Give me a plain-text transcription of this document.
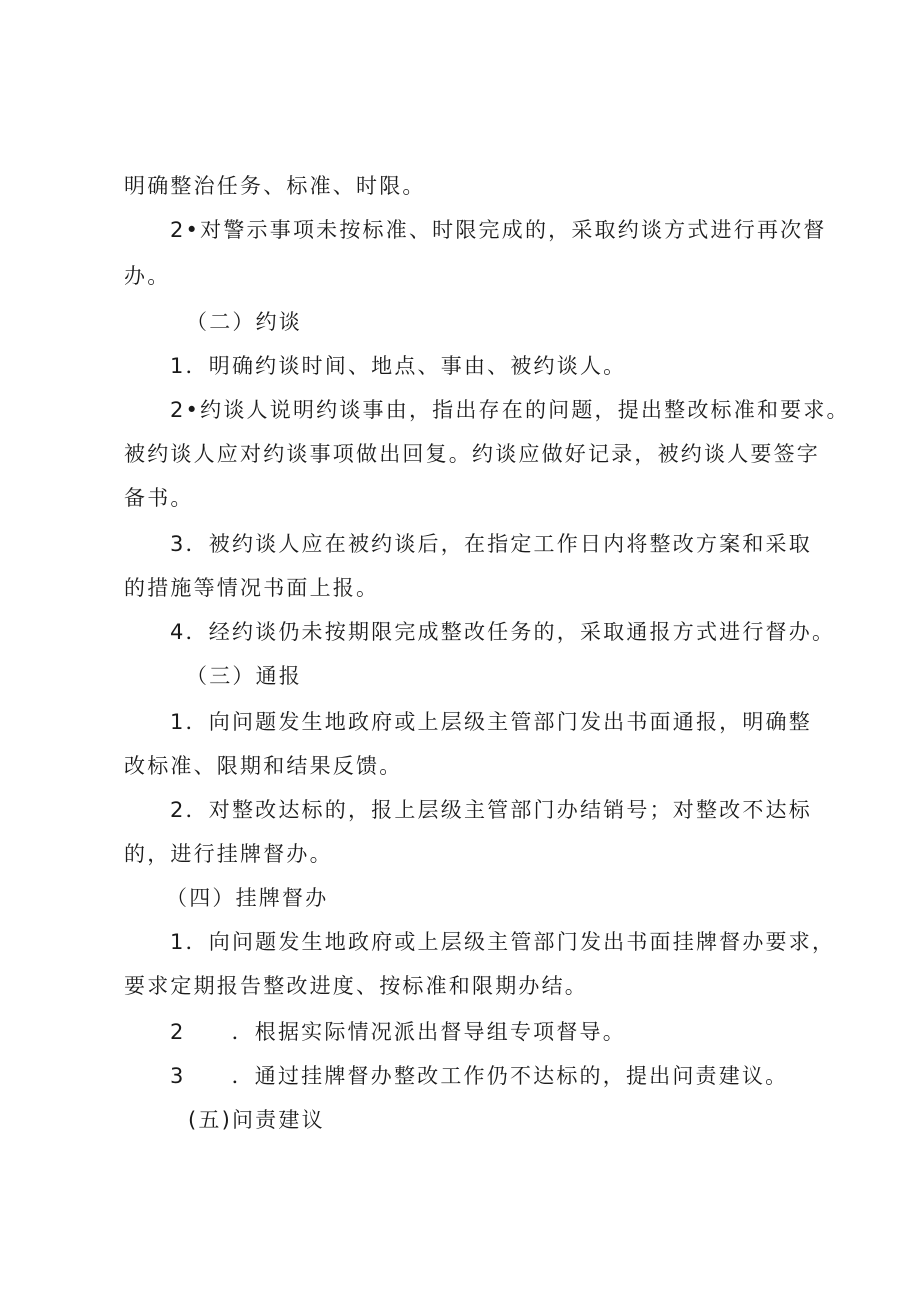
明确整治任务、标准、时限。
2•对警示事项未按标准、时限完成的，采取约谈方式进行再次督
办。
（二）约谈
1．明确约谈时间、地点、事由、被约谈人。
2•约谈人说明约谈事由，指出存在的问题，提出整改标准和要求。
被约谈人应对约谈事项做出回复。约谈应做好记录，被约谈人要签字
备书。
3．被约谈人应在被约谈后，在指定工作日内将整改方案和采取
的措施等情况书面上报。
4．经约谈仍未按期限完成整改任务的，采取通报方式进行督办。
（三）通报
1．向问题发生地政府或上层级主管部门发出书面通报，明确整
改标准、限期和结果反馈。
2．对整改达标的，报上层级主管部门办结销号；对整改不达标
的，进行挂牌督办。
（四）挂牌督办
1．向问题发生地政府或上层级主管部门发出书面挂牌督办要求，
要求定期报告整改进度、按标准和限期办结。
2 ．根据实际情况派出督导组专项督导。
3 ．通过挂牌督办整改工作仍不达标的，提出问责建议。
(五)问责建议
